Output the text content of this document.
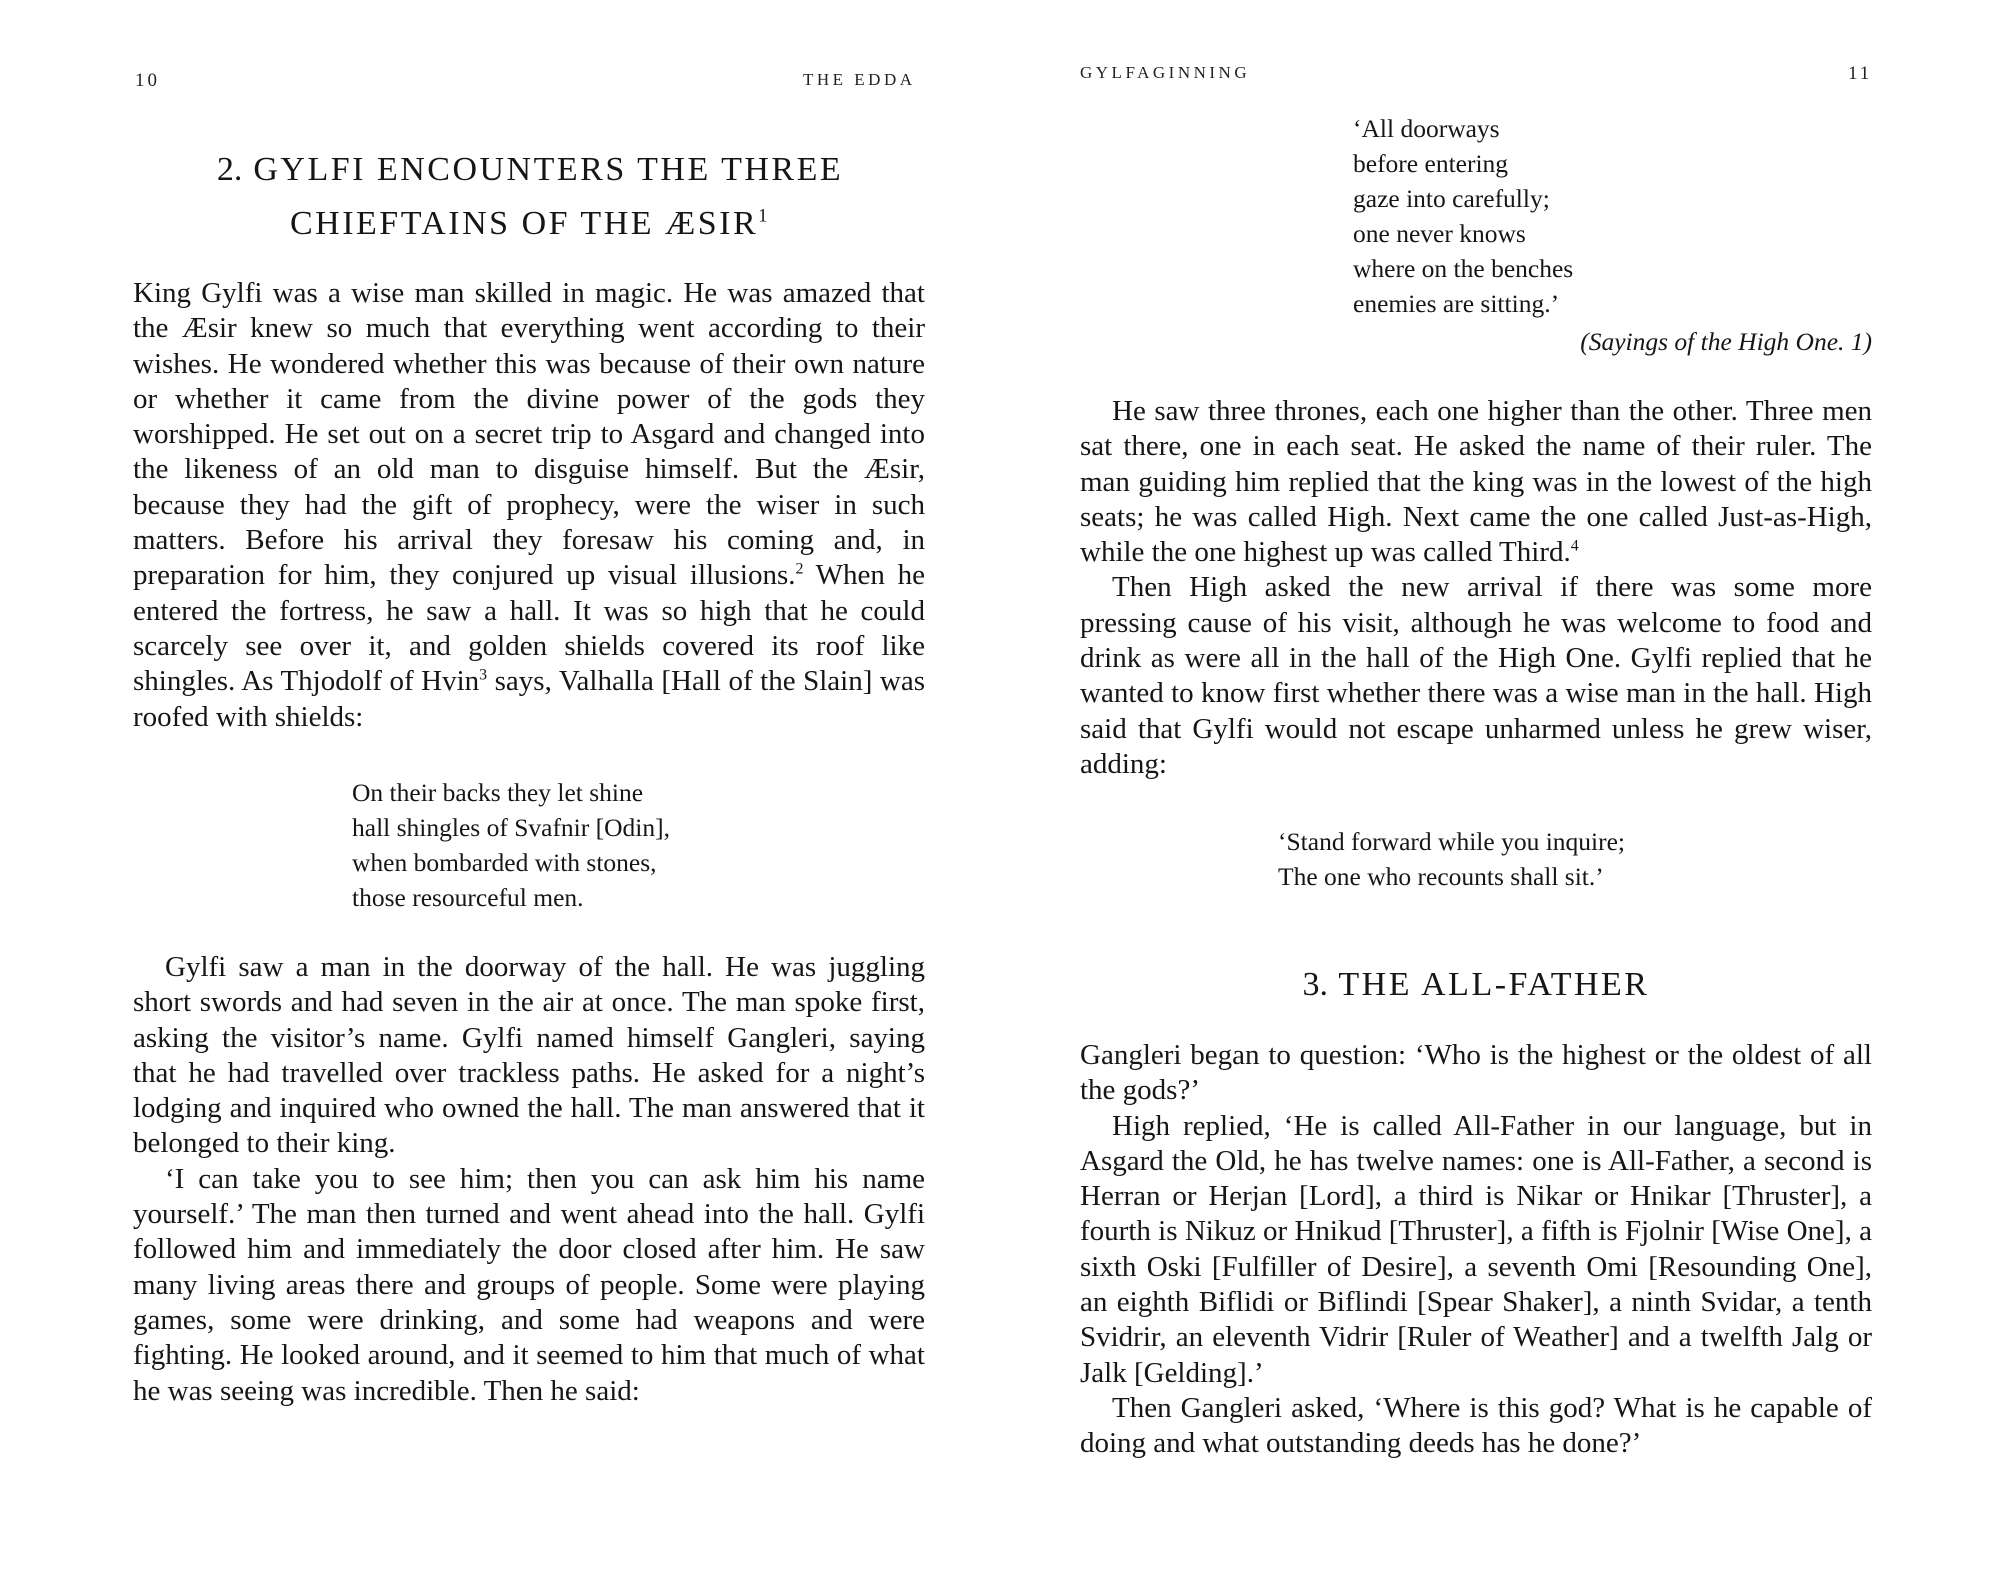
10	THE EDDA
2. GYLFI ENCOUNTERS THE THREE
CHIEFTAINS OF THE ÆSIR$^1$

King Gylfi was a wise man skilled in magic. He was amazed that the Æsir knew so much that everything went according to their wishes. He wondered whether this was because of their own nature or whether it came from the divine power of the gods they worshipped. He set out on a secret trip to Asgard and changed into the likeness of an old man to disguise himself. But the Æsir, because they had the gift of prophecy, were the wiser in such matters. Before his arrival they foresaw his coming and, in preparation for him, they conjured up visual illusions.$^2$ When he entered the fortress, he saw a hall. It was so high that he could scarcely see over it, and golden shields covered its roof like shingles. As Thjodolf of Hvin$^3$ says, Valhalla [Hall of the Slain] was roofed with shields:

On their backs they let shine
hall shingles of Svafnir [Odin],
when bombarded with stones,
those resourceful men.

Gylfi saw a man in the doorway of the hall. He was juggling short swords and had seven in the air at once. The man spoke first, asking the visitor’s name. Gylfi named himself Gangleri, saying that he had travelled over trackless paths. He asked for a night’s lodging and inquired who owned the hall. The man answered that it belonged to their king.

‘I can take you to see him; then you can ask him his name yourself.’ The man then turned and went ahead into the hall. Gylfi followed him and immediately the door closed after him. He saw many living areas there and groups of people. Some were playing games, some were drinking, and some had weapons and were fighting. He looked around, and it seemed to him that much of what he was seeing was incredible. Then he said:

GYLFAGINNING	11
‘All doorways
before entering
gaze into carefully;
one never knows
where on the benches
enemies are sitting.’
(Sayings of the High One. 1)

He saw three thrones, each one higher than the other. Three men sat there, one in each seat. He asked the name of their ruler. The man guiding him replied that the king was in the lowest of the high seats; he was called High. Next came the one called Just-as-High, while the one highest up was called Third.$^4$

Then High asked the new arrival if there was some more pressing cause of his visit, although he was welcome to food and drink as were all in the hall of the High One. Gylfi replied that he wanted to know first whether there was a wise man in the hall. High said that Gylfi would not escape unharmed unless he grew wiser, adding:

‘Stand forward while you inquire;
The one who recounts shall sit.’
3. THE ALL-FATHER

Gangleri began to question: ‘Who is the highest or the oldest of all the gods?’

High replied, ‘He is called All-Father in our language, but in Asgard the Old, he has twelve names: one is All-Father, a second is Herran or Herjan [Lord], a third is Nikar or Hnikar [Thruster], a fourth is Nikuz or Hnikud [Thruster], a fifth is Fjolnir [Wise One], a sixth Oski [Fulfiller of Desire], a seventh Omi [Resounding One], an eighth Biflidi or Biflindi [Spear Shaker], a ninth Svidar, a tenth Svidrir, an eleventh Vidrir [Ruler of Weather] and a twelfth Jalg or Jalk [Gelding].’

Then Gangleri asked, ‘Where is this god? What is he capable of doing and what outstanding deeds has he done?’
